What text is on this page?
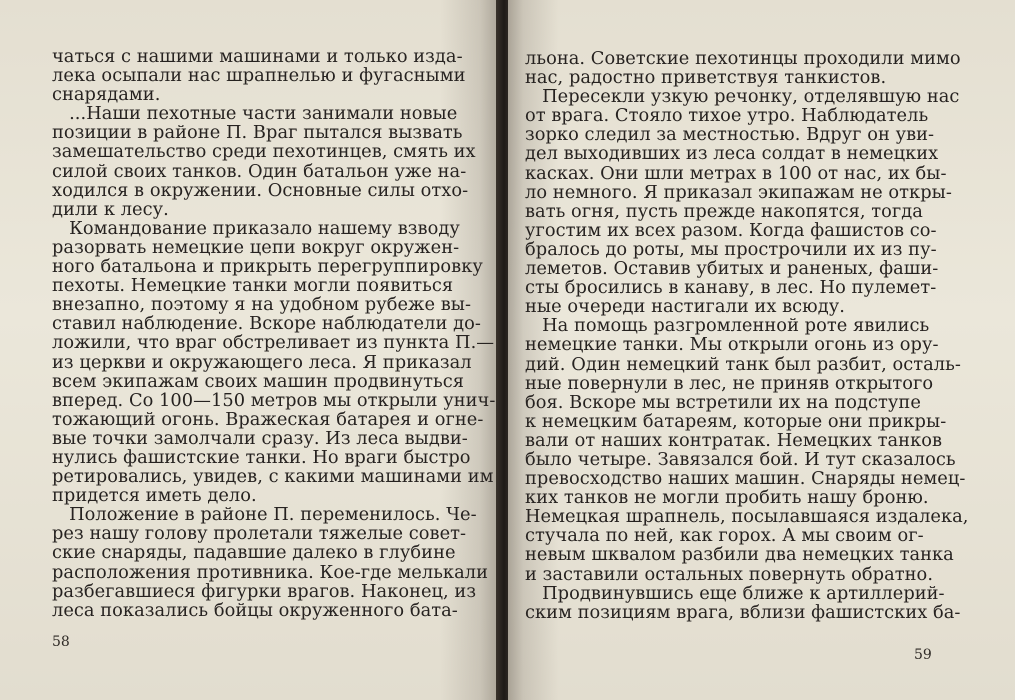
чаться с нашими машинами и только изда-
лека осыпали нас шрапнелью и фугасными
снарядами.
...Наши пехотные части занимали новые
позиции в районе П. Враг пытался вызвать
замешательство среди пехотинцев, смять их
силой своих танков. Один батальон уже на-
ходился в окружении. Основные силы отхо-
дили к лесу.
Командование приказало нашему взводу
разорвать немецкие цепи вокруг окружен-
ного батальона и прикрыть перегруппировку
пехоты. Немецкие танки могли появиться
внезапно, поэтому я на удобном рубеже вы-
ставил наблюдение. Вскоре наблюдатели до-
ложили, что враг обстреливает из пункта П.—
из церкви и окружающего леса. Я приказал
всем экипажам своих машин продвинуться
вперед. Со 100—150 метров мы открыли унич-
тожающий огонь. Вражеская батарея и огне-
вые точки замолчали сразу. Из леса выдви-
нулись фашистские танки. Но враги быстро
ретировались, увидев, с какими машинами им
придется иметь дело.
Положение в районе П. переменилось. Че-
рез нашу голову пролетали тяжелые совет-
ские снаряды, падавшие далеко в глубине
расположения противника. Кое-где мелькали
разбегавшиеся фигурки врагов. Наконец, из
леса показались бойцы окруженного бата-
58
льона. Советские пехотинцы проходили мимо
нас, радостно приветствуя танкистов.
Пересекли узкую речонку, отделявшую нас
от врага. Стояло тихое утро. Наблюдатель
зорко следил за местностью. Вдруг он уви-
дел выходивших из леса солдат в немецких
касках. Они шли метрах в 100 от нас, их бы-
ло немного. Я приказал экипажам не откры-
вать огня, пусть прежде накопятся, тогда
угостим их всех разом. Когда фашистов со-
бралось до роты, мы прострочили их из пу-
леметов. Оставив убитых и раненых, фаши-
сты бросились в канаву, в лес. Но пулемет-
ные очереди настигали их всюду.
На помощь разгромленной роте явились
немецкие танки. Мы открыли огонь из ору-
дий. Один немецкий танк был разбит, осталь-
ные повернули в лес, не приняв открытого
боя. Вскоре мы встретили их на подступе
к немецким батареям, которые они прикры-
вали от наших контратак. Немецких танков
было четыре. Завязался бой. И тут сказалось
превосходство наших машин. Снаряды немец-
ких танков не могли пробить нашу броню.
Немецкая шрапнель, посылавшаяся издалека,
стучала по ней, как горох. А мы своим ог-
невым шквалом разбили два немецких танка
и заставили остальных повернуть обратно.
Продвинувшись еще ближе к артиллерий-
ским позициям врага, вблизи фашистских ба-
59
